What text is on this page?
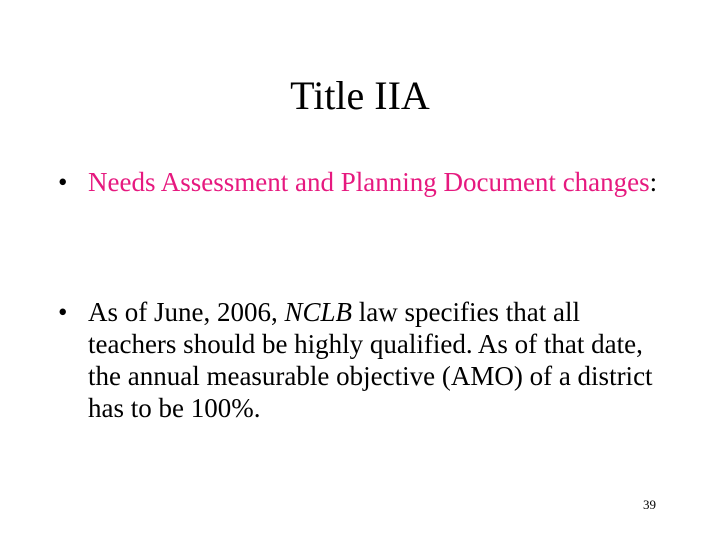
Title IIA
• Needs Assessment and Planning Document changes:
• As of June, 2006, NCLB law specifies that all teachers should be highly qualified. As of that date, the annual measurable objective (AMO) of a district has to be 100%.
39
